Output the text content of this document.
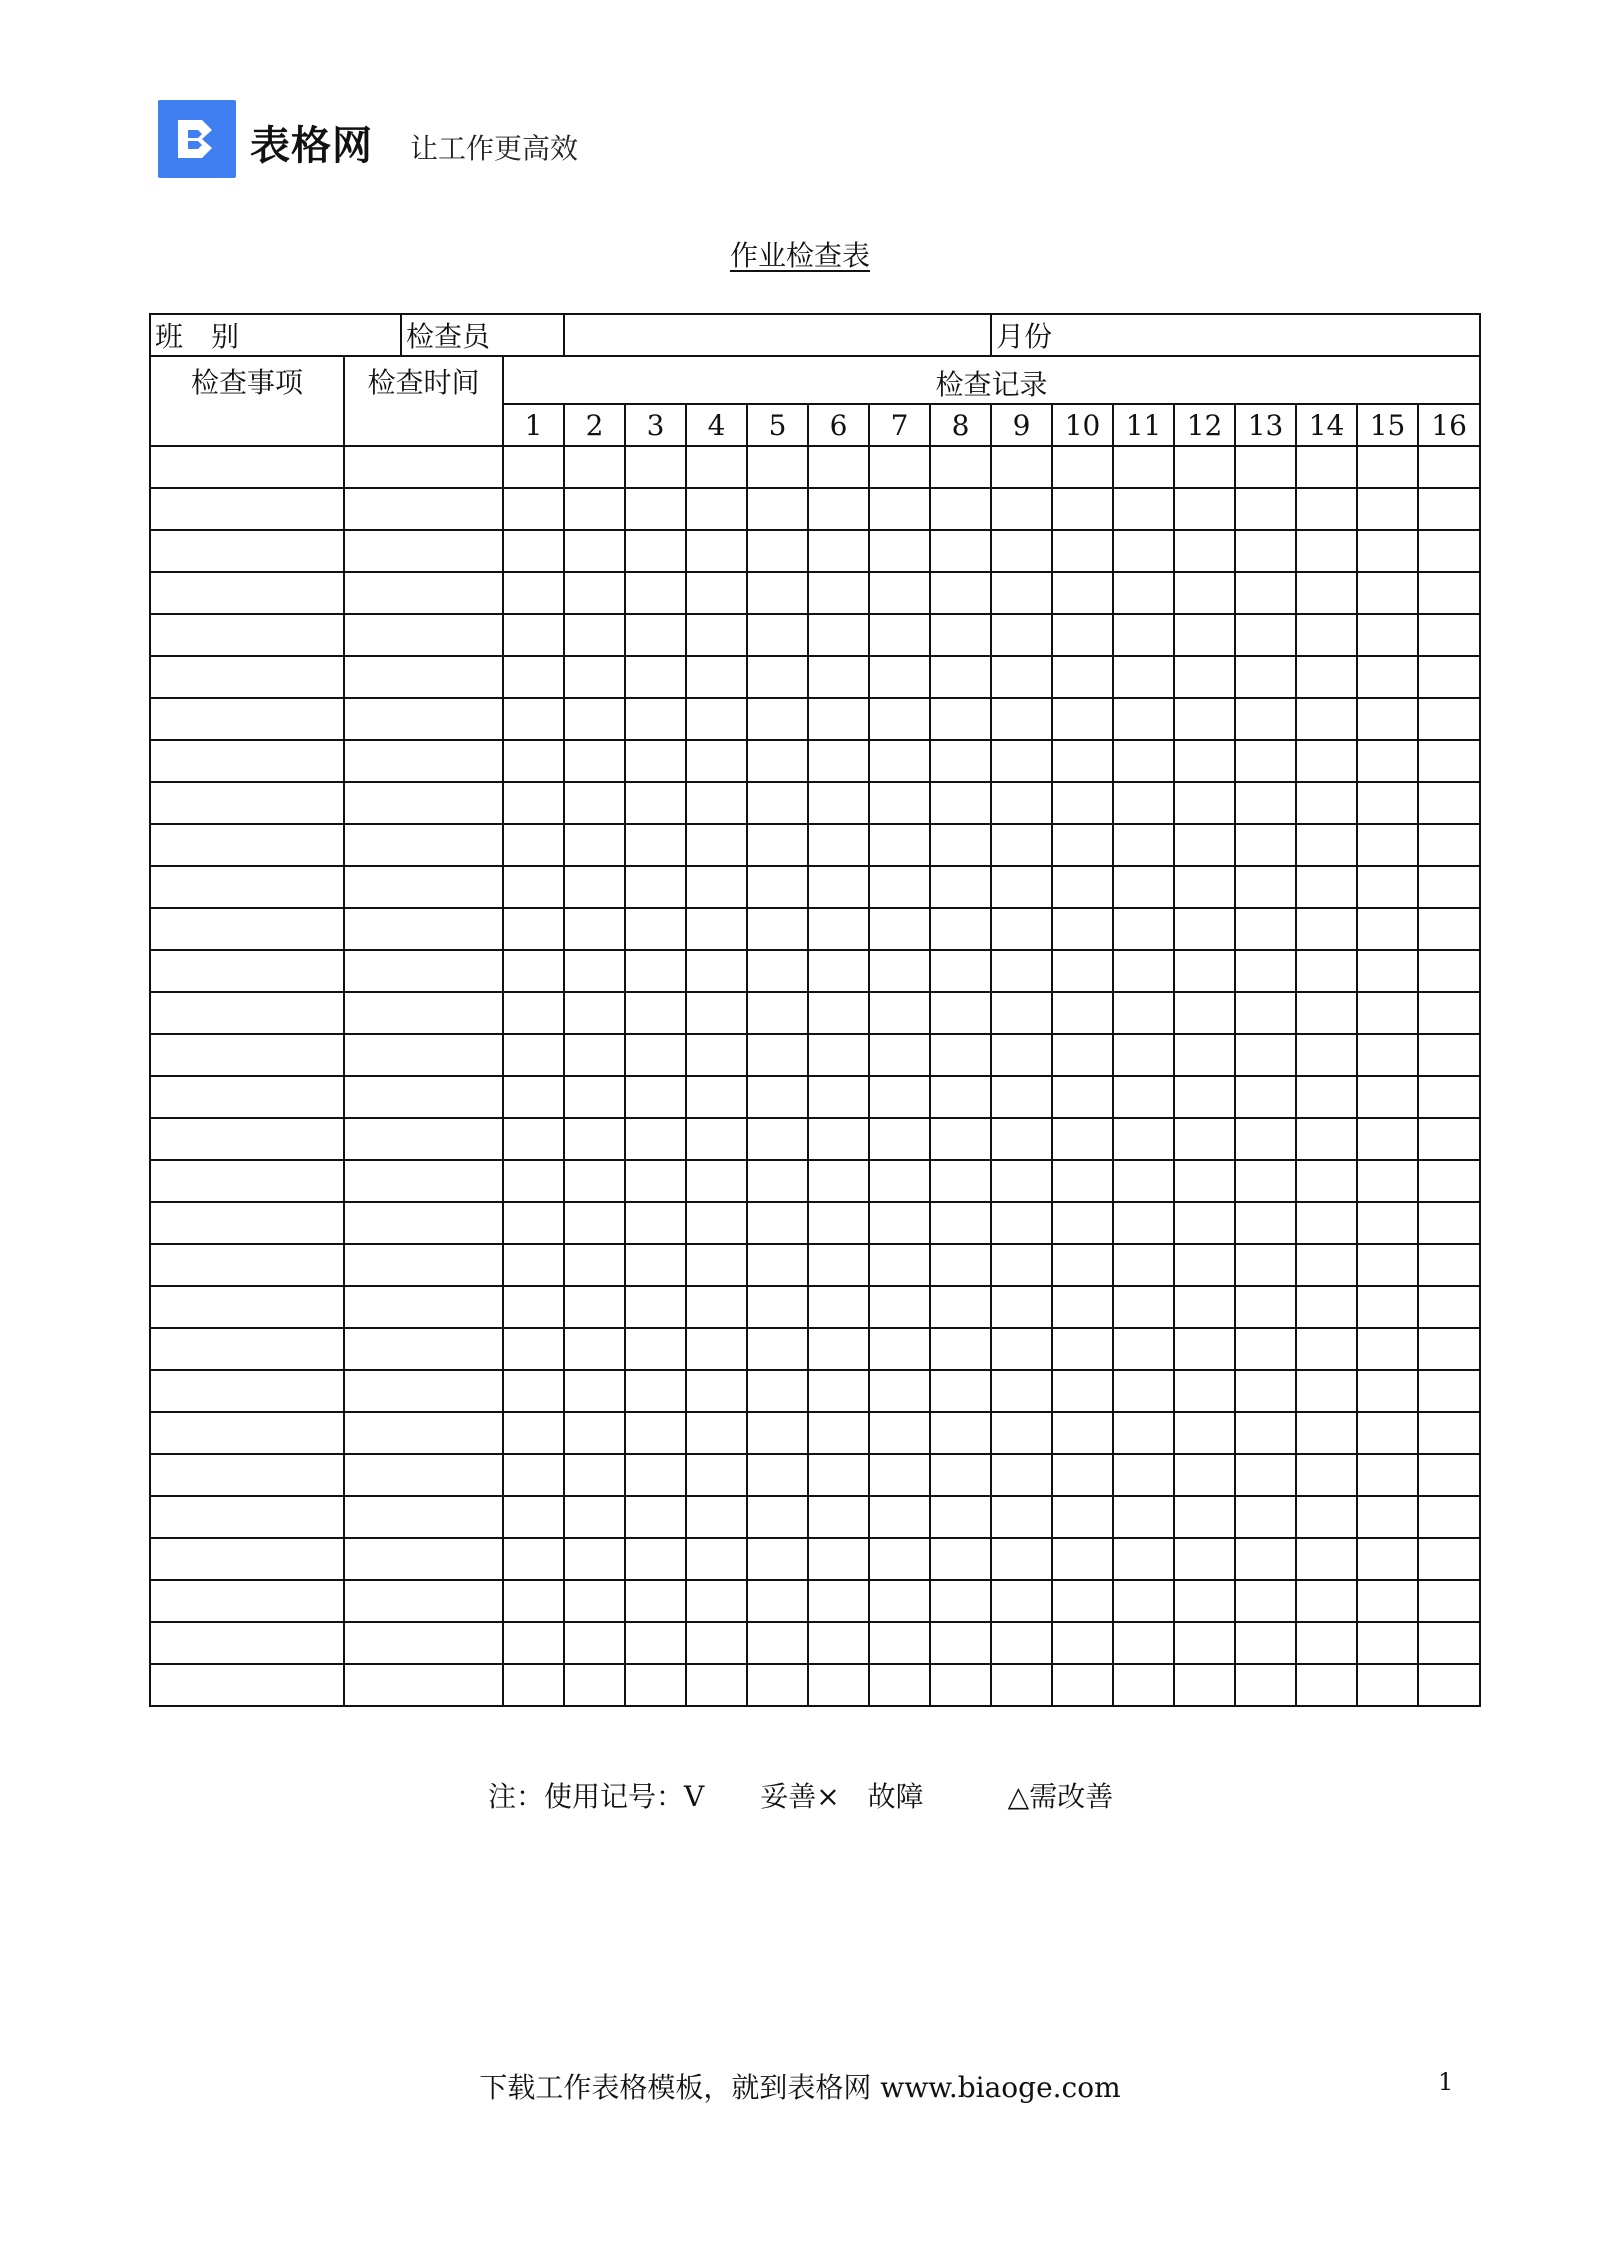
表格网 让工作更高效
作业检查表
班　别		检查员									月份							
检查事项	检查时间		检查记录															
			1	2	3	4	5	6	7	8	9	10	11	12	13	14	15	16

注：使用记号：V　　妥善×　故障　　　△需改善
下载工作表格模板，就到表格网 www.biaoge.com	1
